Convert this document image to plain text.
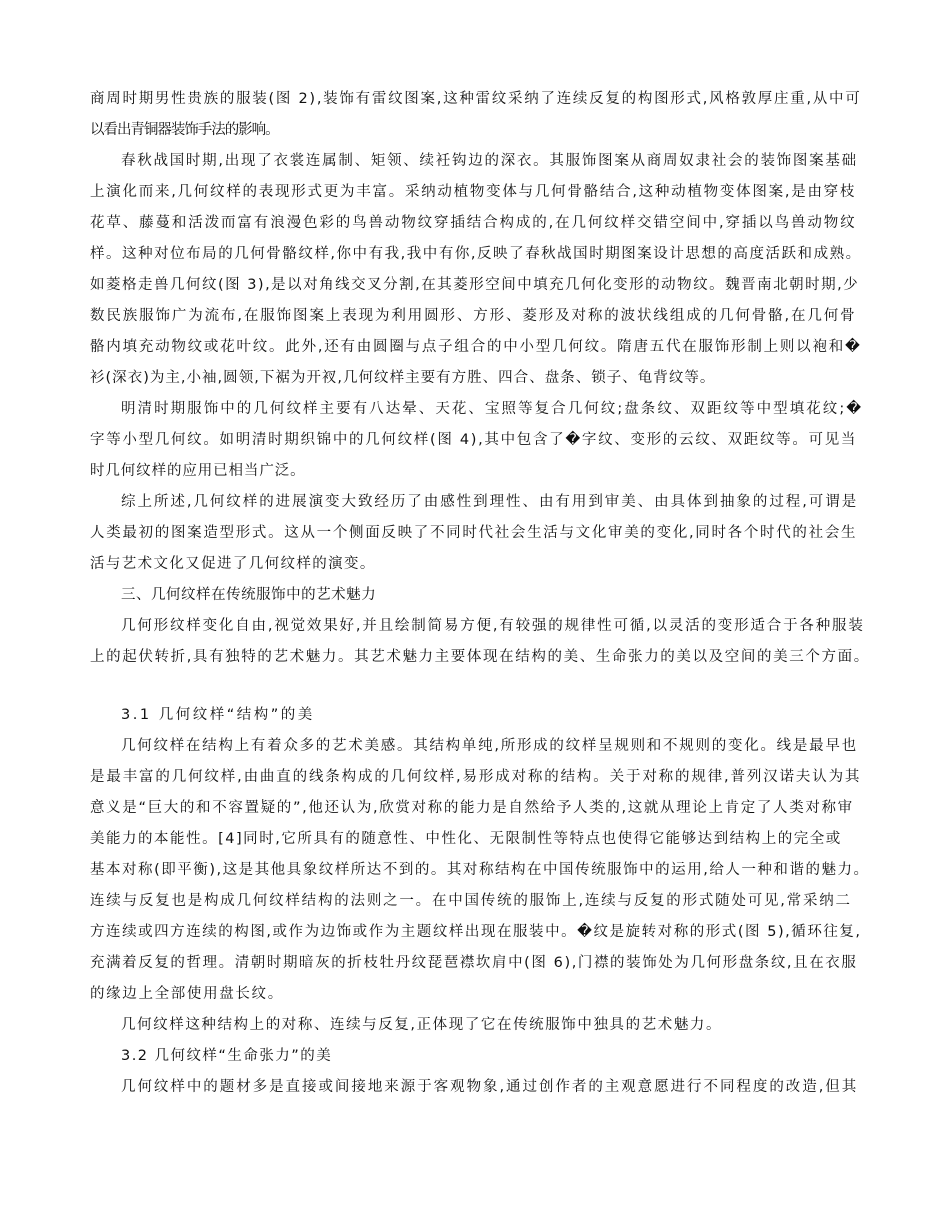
商周时期男性贵族的服装(图 2),装饰有雷纹图案,这种雷纹采纳了连续反复的构图形式,风格敦厚庄重,从中可
以看出青铜器装饰手法的影响。
春秋战国时期,出现了衣裳连属制、矩领、续衽钩边的深衣。其服饰图案从商周奴隶社会的装饰图案基础
上演化而来,几何纹样的表现形式更为丰富。采纳动植物变体与几何骨骼结合,这种动植物变体图案,是由穿枝
花草、藤蔓和活泼而富有浪漫色彩的鸟兽动物纹穿插结合构成的,在几何纹样交错空间中,穿插以鸟兽动物纹
样。这种对位布局的几何骨骼纹样,你中有我,我中有你,反映了春秋战国时期图案设计思想的高度活跃和成熟。
如菱格走兽几何纹(图 3),是以对角线交叉分割,在其菱形空间中填充几何化变形的动物纹。魏晋南北朝时期,少
数民族服饰广为流布,在服饰图案上表现为利用圆形、方形、菱形及对称的波状线组成的几何骨骼,在几何骨
骼内填充动物纹或花叶纹。此外,还有由圆圈与点子组合的中小型几何纹。隋唐五代在服饰形制上则以袍和�
衫(深衣)为主,小袖,圆领,下裾为开衩,几何纹样主要有方胜、四合、盘条、锁子、龟背纹等。
明清时期服饰中的几何纹样主要有八达晕、天花、宝照等复合几何纹;盘条纹、双距纹等中型填花纹;�
字等小型几何纹。如明清时期织锦中的几何纹样(图 4),其中包含了�字纹、变形的云纹、双距纹等。可见当
时几何纹样的应用已相当广泛。
综上所述,几何纹样的进展演变大致经历了由感性到理性、由有用到审美、由具体到抽象的过程,可谓是
人类最初的图案造型形式。这从一个侧面反映了不同时代社会生活与文化审美的变化,同时各个时代的社会生
活与艺术文化又促进了几何纹样的演变。
三、几何纹样在传统服饰中的艺术魅力
几何形纹样变化自由,视觉效果好,并且绘制简易方便,有较强的规律性可循,以灵活的变形适合于各种服装
上的起伏转折,具有独特的艺术魅力。其艺术魅力主要体现在结构的美、生命张力的美以及空间的美三个方面。
3.1 几何纹样“结构”的美
几何纹样在结构上有着众多的艺术美感。其结构单纯,所形成的纹样呈规则和不规则的变化。线是最早也
是最丰富的几何纹样,由曲直的线条构成的几何纹样,易形成对称的结构。关于对称的规律,普列汉诺夫认为其
意义是“巨大的和不容置疑的”,他还认为,欣赏对称的能力是自然给予人类的,这就从理论上肯定了人类对称审
美能力的本能性。[4]同时,它所具有的随意性、中性化、无限制性等特点也使得它能够达到结构上的完全或
基本对称(即平衡),这是其他具象纹样所达不到的。其对称结构在中国传统服饰中的运用,给人一种和谐的魅力。
连续与反复也是构成几何纹样结构的法则之一。在中国传统的服饰上,连续与反复的形式随处可见,常采纳二
方连续或四方连续的构图,或作为边饰或作为主题纹样出现在服装中。�纹是旋转对称的形式(图 5),循环往复,
充满着反复的哲理。清朝时期暗灰的折枝牡丹纹琵琶襟坎肩中(图 6),门襟的装饰处为几何形盘条纹,且在衣服
的缘边上全部使用盘长纹。
几何纹样这种结构上的对称、连续与反复,正体现了它在传统服饰中独具的艺术魅力。
3.2 几何纹样“生命张力”的美
几何纹样中的题材多是直接或间接地来源于客观物象,通过创作者的主观意愿进行不同程度的改造,但其
